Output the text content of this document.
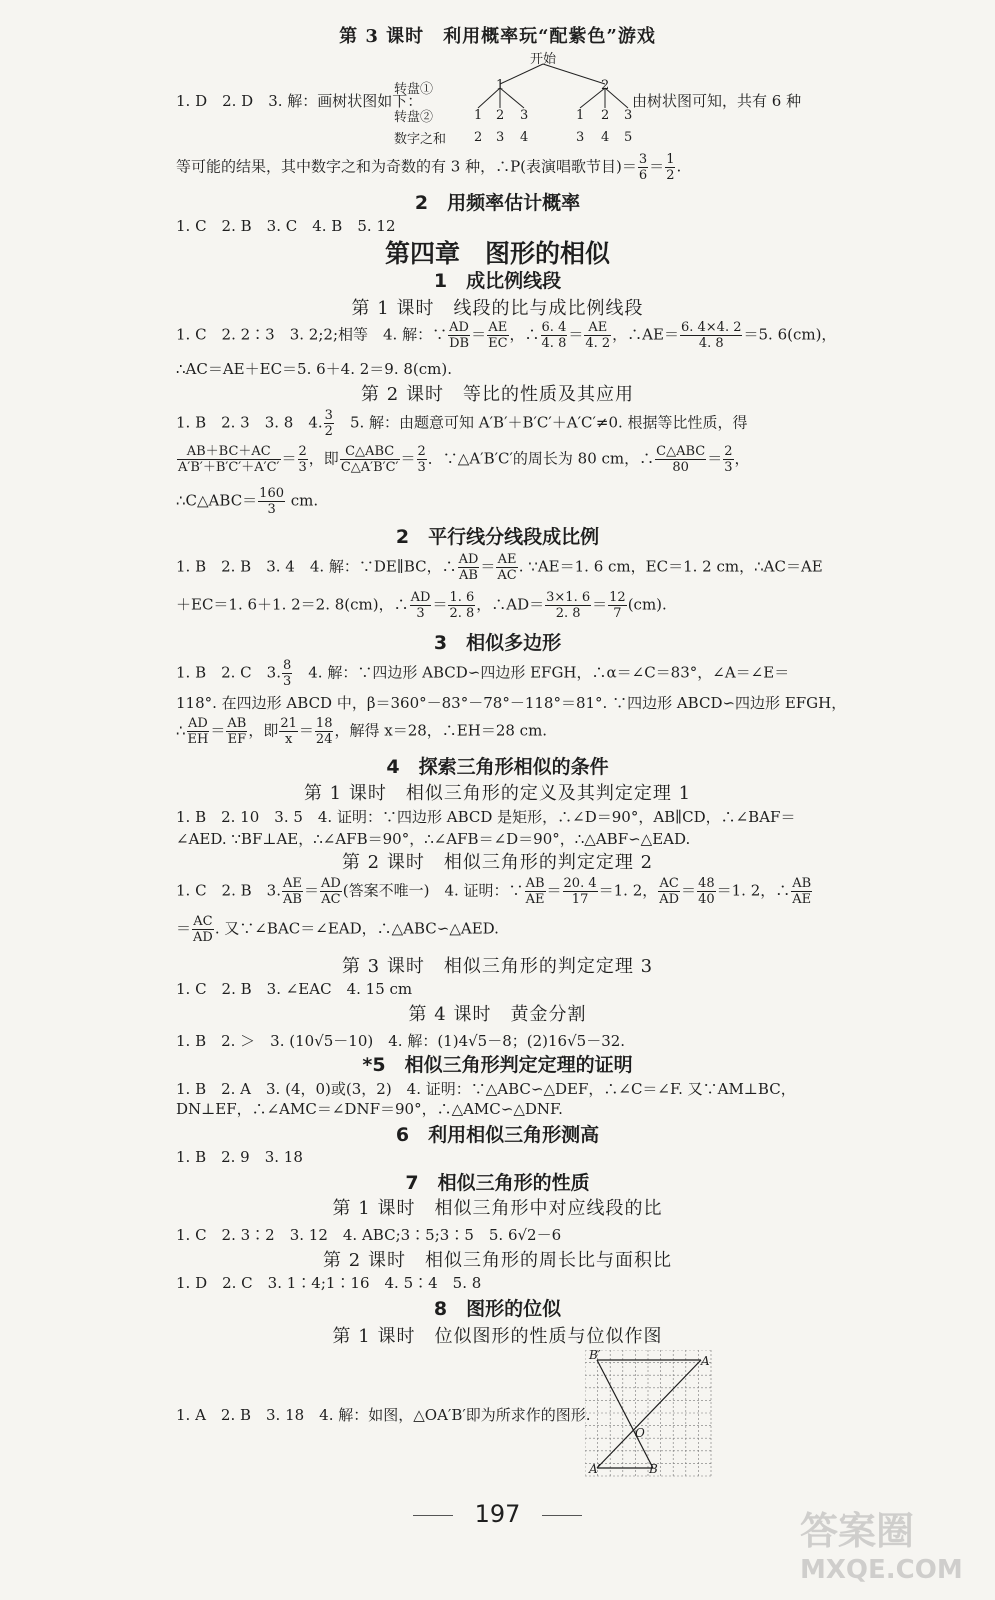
第 3 课时　利用概率玩“配紫色”游戏
开始
转盘①	1	2
转盘②	1 2 3	1 2 3
数字之和 2 3 4	3 4 5
1. D　2. D　3. 解：画树状图如下：	由树状图可知，共有 6 种
等可能的结果，其中数字之和为奇数的有 3 种，∴P(表演唱歌节目)＝ $\frac{3}{6} = \frac{1}{2}$ .
2　用频率估计概率
1. C　2. B　3. C　4. B　5. 12
第四章　图形的相似
1　成比例线段
第 1 课时　线段的比与成比例线段
1. C　2. 2∶3　3. 2;2;相等　4. 解：∵ $\frac{AD}{DB} = \frac{AE}{EC}$ ，∴ $\frac{6. 4}{4. 8} = \frac{AE}{4. 2}$ ，∴AE＝ $\frac{6. 4\times 4. 2}{4. 8} =5$. 6(cm)，
∴AC＝AE＋EC＝5. 6＋4. 2＝9. 8(cm).
第 2 课时　等比的性质及其应用
1. B　2. 3　3. 8　4. $\frac{3}{2}$ 　5. 解：由题意可知 A′B′＋B′C′＋A′C′≠0. 根据等比性质，得
$\frac{AB+BC+AC}{A'B'+B'C'+A'C'} = \frac{2}{3}$ ，即 C△ABC
C△A′B′C′ ＝ $\frac{2}{3}$ ．∵△A′B′C′的周长为 80 cm，∴ C△ABC
80	＝ $\frac{2}{3}$ ，
∴C△ABC＝ $\frac{160}{3}$ cm.
2　平行线分线段成比例
1. B　2. B　3. 4　4. 解：∵DE∥BC，∴ $\frac{AD}{AB} = \frac{AE}{AC}$ . ∵AE＝1. 6 cm，EC＝1. 2 cm，∴AC＝AE
＋EC＝1. 6＋1. 2＝2. 8(cm)，∴ $\frac{AD}{3} = \frac{1. 6}{2. 8}$ ，∴AD＝ $\frac{3\times 1. 6}{2. 8} = \frac{12}{7} (cm)$.
3　相似多边形
1. B　2. C　3. $\frac{8}{3}$ 　4. 解：∵四边形 ABCD∽四边形 EFGH，∴α＝∠C＝83°，∠A＝∠E＝
118°. 在四边形 ABCD 中，β＝360°－83°－78°－118°＝81°. ∵四边形 ABCD∽四边形 EFGH，
∴ $\frac{AD}{EH} = \frac{AB}{EF}$ ，即 $\frac{21}{x} = \frac{18}{24}$ ，解得 x＝28，∴EH＝28 cm.
4　探索三角形相似的条件
第 1 课时　相似三角形的定义及其判定定理 1
1. B　2. 10　3. 5　4. 证明：∵四边形 ABCD 是矩形，∴∠D＝90°，AB∥CD，∴∠BAF＝
∠AED. ∵BF⊥AE，∴∠AFB＝90°，∴∠AFB＝∠D＝90°，∴△ABF∽△EAD.
第 2 课时　相似三角形的判定定理 2
1. C　2. B　3. $\frac{AE}{AB} = \frac{AD}{AC}$ (答案不唯一)　4. 证明：∵ $\frac{AB}{AE} = \frac{20. 4}{17} =1$. 2， $\frac{AC}{AD} = \frac{48}{40} =1$. 2，∴ $\frac{AB}{AE}$
＝ $\frac{AC}{AD}$ . 又∵∠BAC＝∠EAD，∴△ABC∽△AED.
第 3 课时　相似三角形的判定定理 3
1. C　2. B　3. ∠EAC　4. 15 cm
第 4 课时　黄金分割
1. B　2. ＞　3. (10√5－10)　4. 解：(1)4√5－8；(2)16√5－32.
*5　相似三角形判定定理的证明
1. B　2. A　3. (4，0)或(3，2)　4. 证明：∵△ABC∽△DEF，∴∠C＝∠F. 又∵AM⊥BC，
DN⊥EF，∴∠AMC＝∠DNF＝90°，∴△AMC∽△DNF.
6　利用相似三角形测高
1. B　2. 9　3. 18
7　相似三角形的性质
第 1 课时　相似三角形中对应线段的比
1. C　2. 3∶2　3. 12　4. ABC;3∶5;3∶5　5. 6√2－6
第 2 课时　相似三角形的周长比与面积比
1. D　2. C　3. 1∶4;1∶16　4. 5∶4　5. 8
8　图形的位似
第 1 课时　位似图形的性质与位似作图
1. A　2. B　3. 18　4. 解：如图，△OA′B′即为所求作的图形.
B′	A
O
A′	B
197	答案圈
MXQE.COM
